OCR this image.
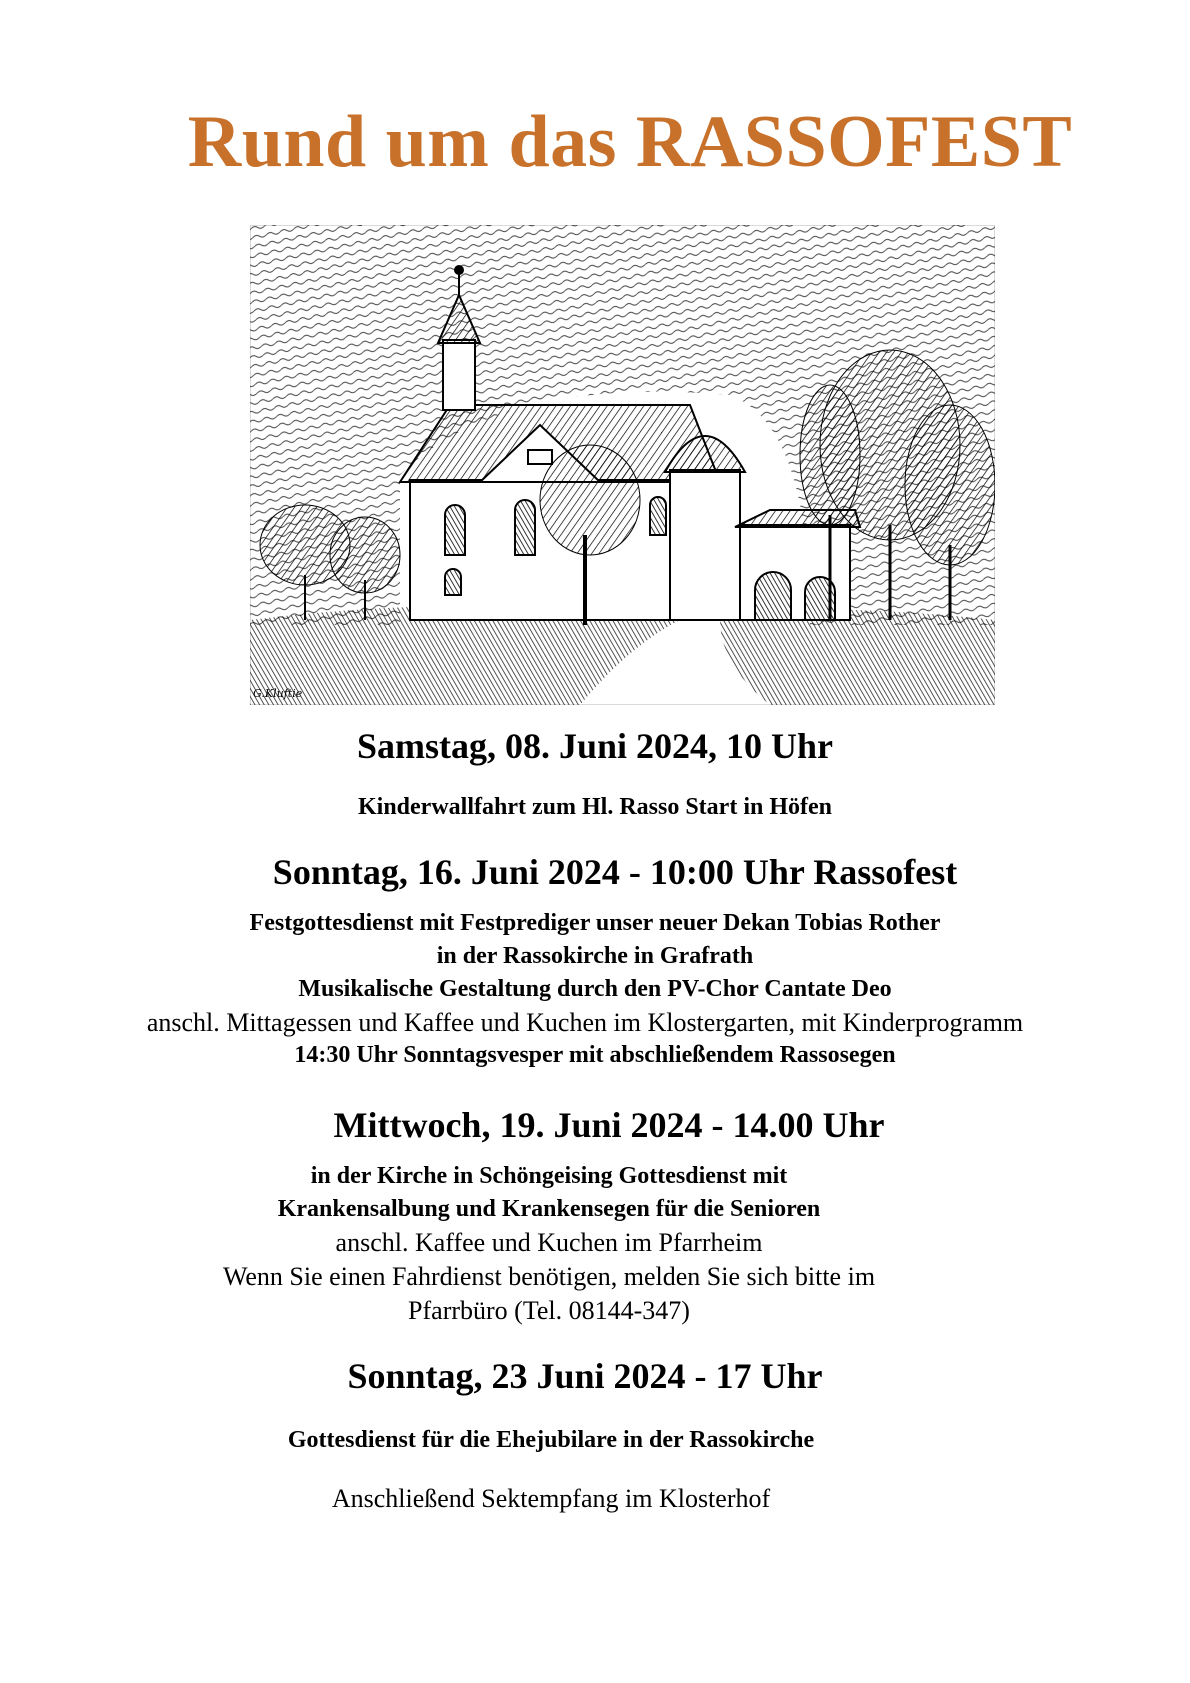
Rund um das RASSOFEST
G.Kluftie
Samstag, 08. Juni 2024, 10 Uhr
Kinderwallfahrt zum Hl. Rasso Start in Höfen
Sonntag, 16. Juni 2024 - 10:00 Uhr Rassofest
Festgottesdienst mit Festprediger unser neuer Dekan Tobias Rother
in der Rassokirche in Grafrath
Musikalische Gestaltung durch den PV-Chor Cantate Deo
anschl. Mittagessen und Kaffee und Kuchen im Klostergarten, mit Kinderprogramm
14:30 Uhr Sonntagsvesper mit abschließendem Rassosegen
Mittwoch, 19. Juni 2024 - 14.00 Uhr
in der Kirche in Schöngeising Gottesdienst mit
Krankensalbung und Krankensegen für die Senioren
anschl. Kaffee und Kuchen im Pfarrheim
Wenn Sie einen Fahrdienst benötigen, melden Sie sich bitte im
Pfarrbüro (Tel. 08144-347)
Sonntag, 23 Juni 2024 - 17 Uhr
Gottesdienst für die Ehejubilare in der Rassokirche
Anschließend Sektempfang im Klosterhof
